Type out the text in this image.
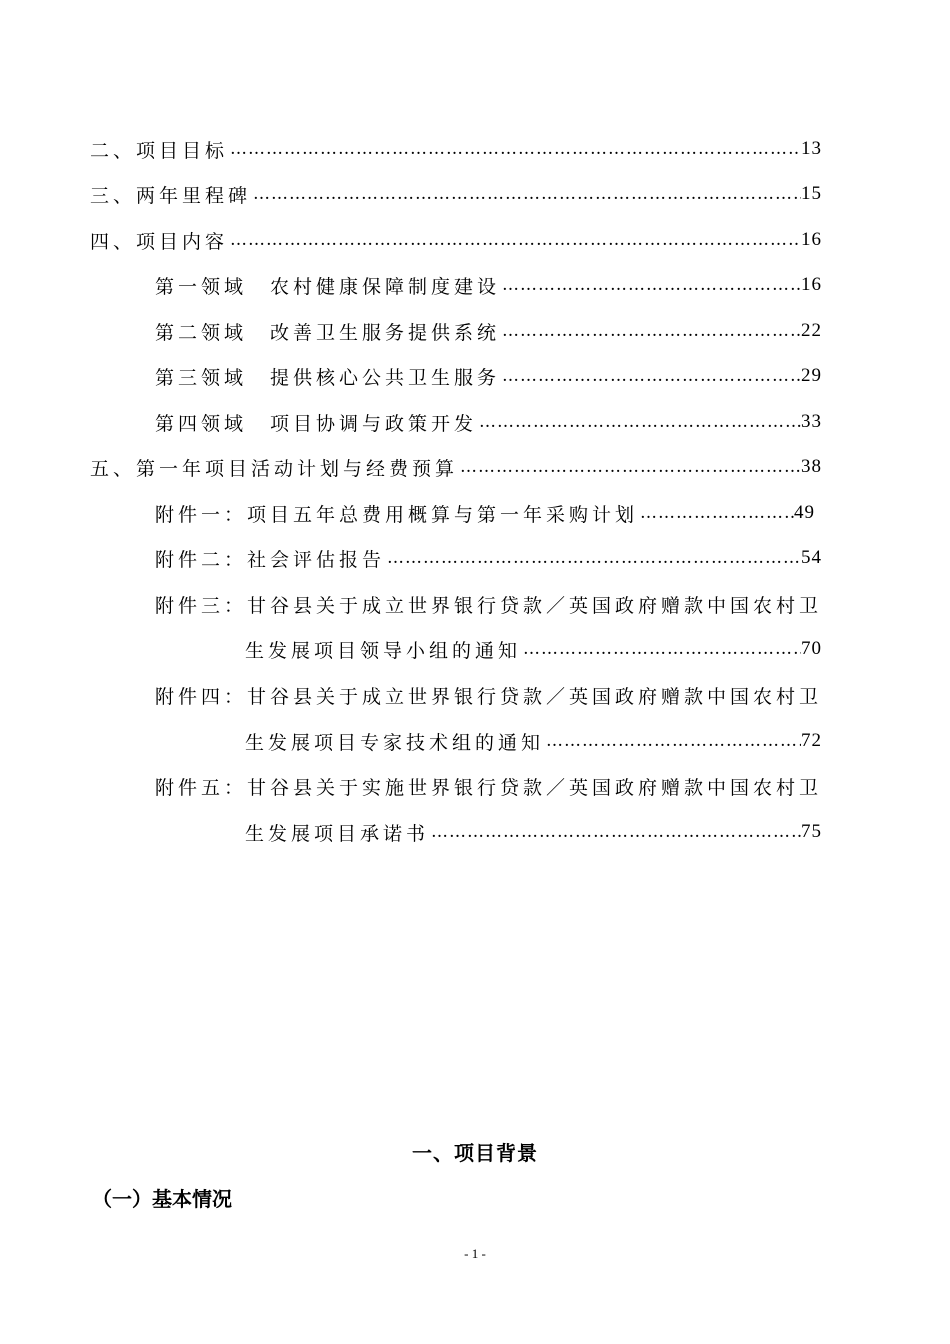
二、项目目标 ……………………………………………………………………………………………………………………………………	13
三、两年里程碑 ……………………………………………………………………………………………………………………………………	15
四、项目内容 ……………………………………………………………………………………………………………………………………	16
第一领域　农村健康保障制度建设 ……………………………………………………………………………………………………………………………………	16
第二领域　改善卫生服务提供系统 ……………………………………………………………………………………………………………………………………	22
第三领域　提供核心公共卫生服务 ……………………………………………………………………………………………………………………………………	29
第四领域　项目协调与政策开发 ……………………………………………………………………………………………………………………………………	33
五、第一年项目活动计划与经费预算 ……………………………………………………………………………………………………………………………………	38
附件一：项目五年总费用概算与第一年采购计划 ……………………………………………………………………………………………………………………………………	49
附件二：社会评估报告 ……………………………………………………………………………………………………………………………………	54
附件三：甘谷县关于成立世界银行贷款／英国政府赠款中国农村卫
生发展项目领导小组的通知 ……………………………………………………………………………………………………………………………………	70
附件四：甘谷县关于成立世界银行贷款／英国政府赠款中国农村卫
生发展项目专家技术组的通知 ……………………………………………………………………………………………………………………………………	72
附件五：甘谷县关于实施世界银行贷款／英国政府赠款中国农村卫
生发展项目承诺书 ……………………………………………………………………………………………………………………………………	75
一、项目背景
（一）基本情况
- 1 -
